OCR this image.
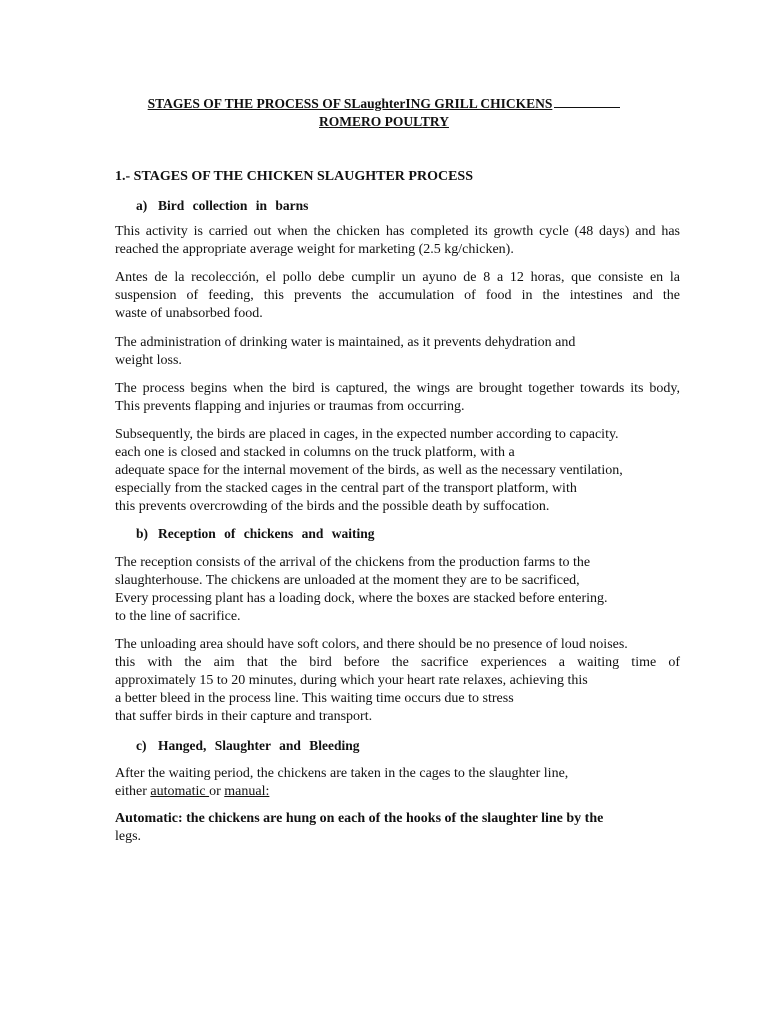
STAGES OF THE PROCESS OF SLaughterING GRILL CHICKENS
ROMERO POULTRY
1.- STAGES OF THE CHICKEN SLAUGHTER PROCESS
a) Bird collection in barns
This activity is carried out when the chicken has completed its growth cycle (48 days) and has
reached the appropriate average weight for marketing (2.5 kg/chicken).
Antes de la recolección, el pollo debe cumplir un ayuno de 8 a 12 horas, que consiste en la
suspension of feeding, this prevents the accumulation of food in the intestines and the
waste of unabsorbed food.
The administration of drinking water is maintained, as it prevents dehydration and
weight loss.
The process begins when the bird is captured, the wings are brought together towards its body,
This prevents flapping and injuries or traumas from occurring.
Subsequently, the birds are placed in cages, in the expected number according to capacity.
each one is closed and stacked in columns on the truck platform, with a
adequate space for the internal movement of the birds, as well as the necessary ventilation,
especially from the stacked cages in the central part of the transport platform, with
this prevents overcrowding of the birds and the possible death by suffocation.
b) Reception of chickens and waiting
The reception consists of the arrival of the chickens from the production farms to the
slaughterhouse. The chickens are unloaded at the moment they are to be sacrificed,
Every processing plant has a loading dock, where the boxes are stacked before entering.
to the line of sacrifice.
The unloading area should have soft colors, and there should be no presence of loud noises.
this with the aim that the bird before the sacrifice experiences a waiting time of
approximately 15 to 20 minutes, during which your heart rate relaxes, achieving this
a better bleed in the process line. This waiting time occurs due to stress
that suffer birds in their capture and transport.
c) Hanged, Slaughter and Bleeding
After the waiting period, the chickens are taken in the cages to the slaughter line,
either automatic or manual:
Automatic: the chickens are hung on each of the hooks of the slaughter line by the
legs.
